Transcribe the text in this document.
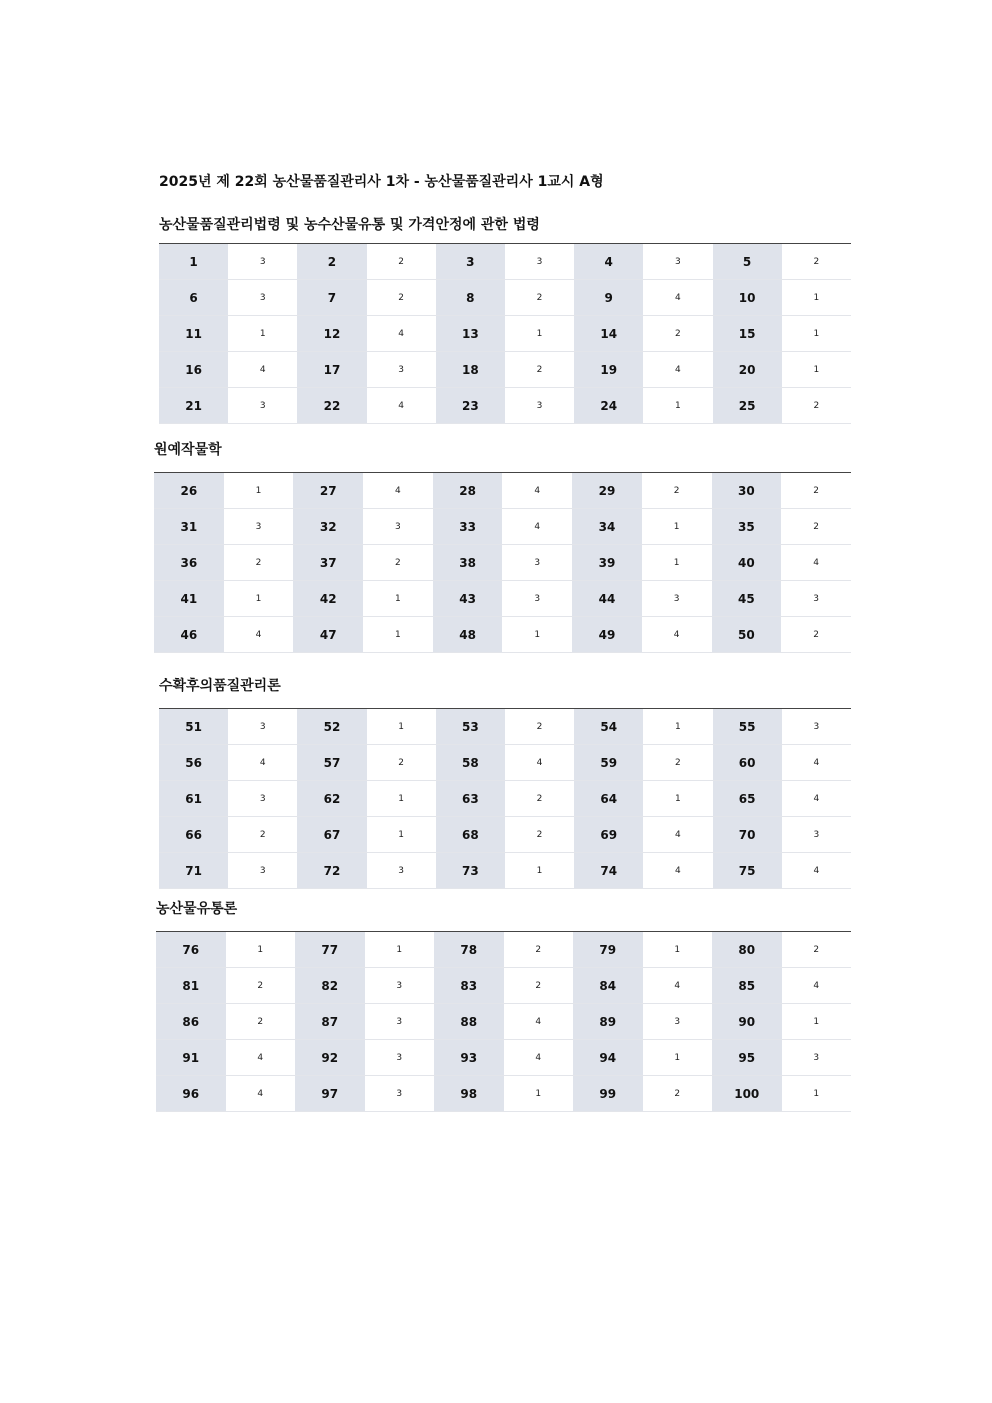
2025년 제 22회 농산물품질관리사 1차 - 농산물품질관리사 1교시 A형
농산물품질관리법령 및 농수산물유통 및 가격안정에 관한 법령
1	3	2	2	3	3	4	3	5	2
6	3	7	2	8	2	9	4	10	1
11	1	12	4	13	1	14	2	15	1
16	4	17	3	18	2	19	4	20	1
21	3	22	4	23	3	24	1	25	2
원예작물학
26	1	27	4	28	4	29	2	30	2
31	3	32	3	33	4	34	1	35	2
36	2	37	2	38	3	39	1	40	4
41	1	42	1	43	3	44	3	45	3
46	4	47	1	48	1	49	4	50	2
수확후의품질관리론
51	3	52	1	53	2	54	1	55	3
56	4	57	2	58	4	59	2	60	4
61	3	62	1	63	2	64	1	65	4
66	2	67	1	68	2	69	4	70	3
71	3	72	3	73	1	74	4	75	4
농산물유통론
76	1	77	1	78	2	79	1	80	2
81	2	82	3	83	2	84	4	85	4
86	2	87	3	88	4	89	3	90	1
91	4	92	3	93	4	94	1	95	3
96	4	97	3	98	1	99	2	100	1
